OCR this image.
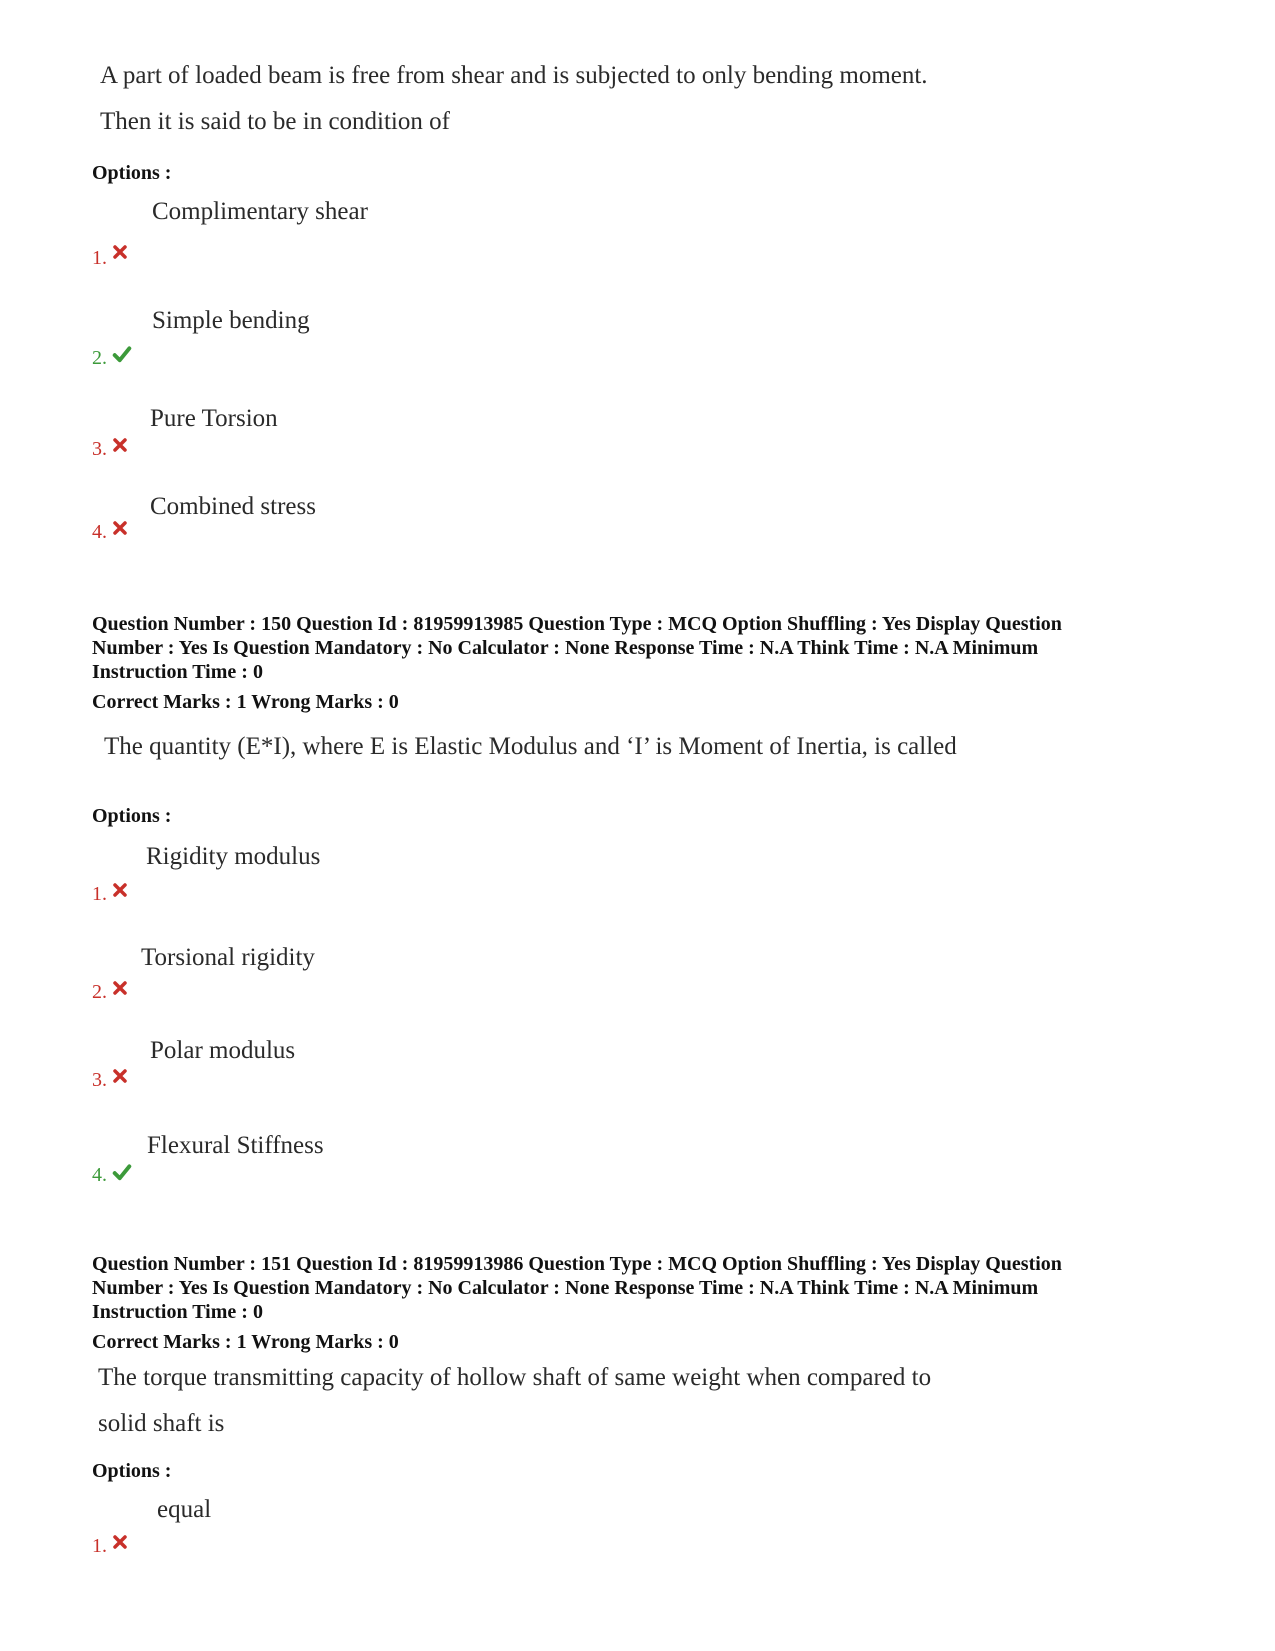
A part of loaded beam is free from shear and is subjected to only bending moment.
Then it is said to be in condition of
Options :
Complimentary shear
1.
Simple bending
2.
Pure Torsion
3.
Combined stress
4.
Question Number : 150 Question Id : 81959913985 Question Type : MCQ Option Shuffling : Yes Display Question
Number : Yes Is Question Mandatory : No Calculator : None Response Time : N.A Think Time : N.A Minimum
Instruction Time : 0
Correct Marks : 1 Wrong Marks : 0
The quantity (E*I), where E is Elastic Modulus and ‘I’ is Moment of Inertia, is called
Options :
Rigidity modulus
1.
Torsional rigidity
2.
Polar modulus
3.
Flexural Stiffness
4.
Question Number : 151 Question Id : 81959913986 Question Type : MCQ Option Shuffling : Yes Display Question
Number : Yes Is Question Mandatory : No Calculator : None Response Time : N.A Think Time : N.A Minimum
Instruction Time : 0
Correct Marks : 1 Wrong Marks : 0
The torque transmitting capacity of hollow shaft of same weight when compared to
solid shaft is
Options :
equal
1.
